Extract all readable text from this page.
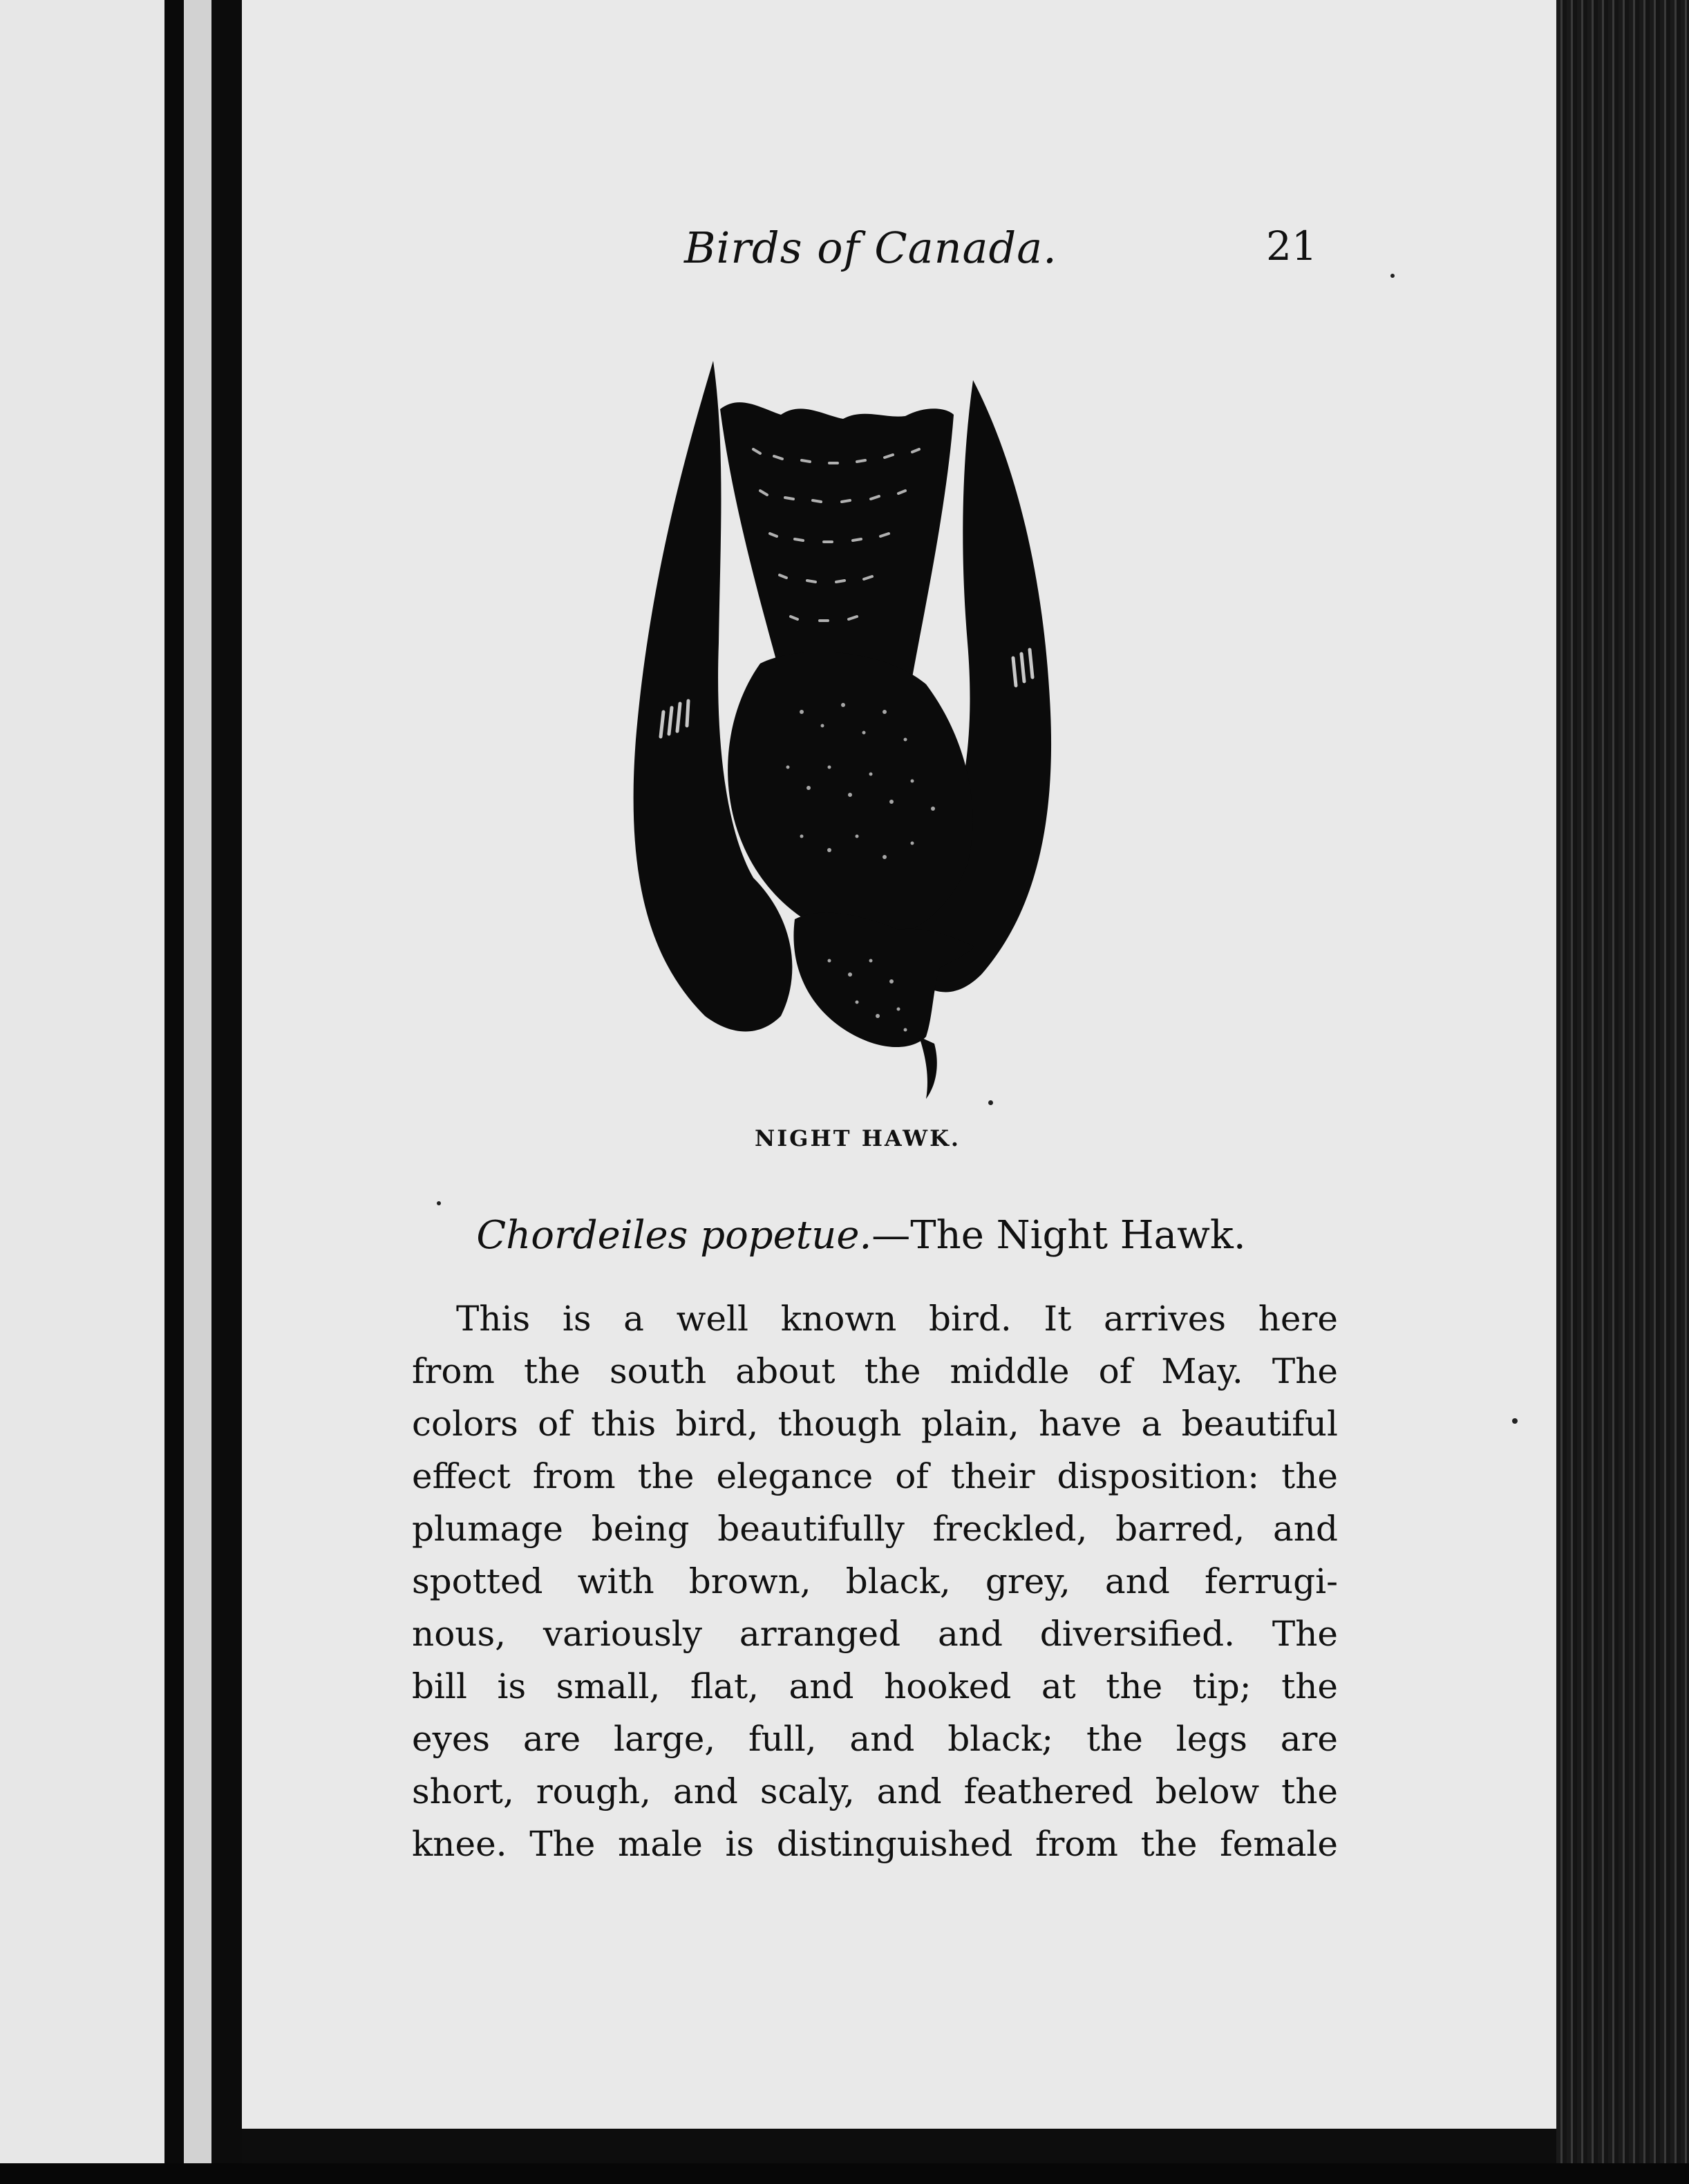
Birds of Canada.	21
NIGHT HAWK.
Chordeiles popetue.—The Night Hawk.
This is a well known bird. It arrives here
from the south about the middle of May. The
colors of this bird, though plain, have a beautiful
effect from the elegance of their disposition: the
plumage being beautifully freckled, barred, and
spotted with brown, black, grey, and ferrugi-
nous, variously arranged and diversified. The
bill is small, flat, and hooked at the tip; the
eyes are large, full, and black; the legs are
short, rough, and scaly, and feathered below the
knee. The male is distinguished from the female
